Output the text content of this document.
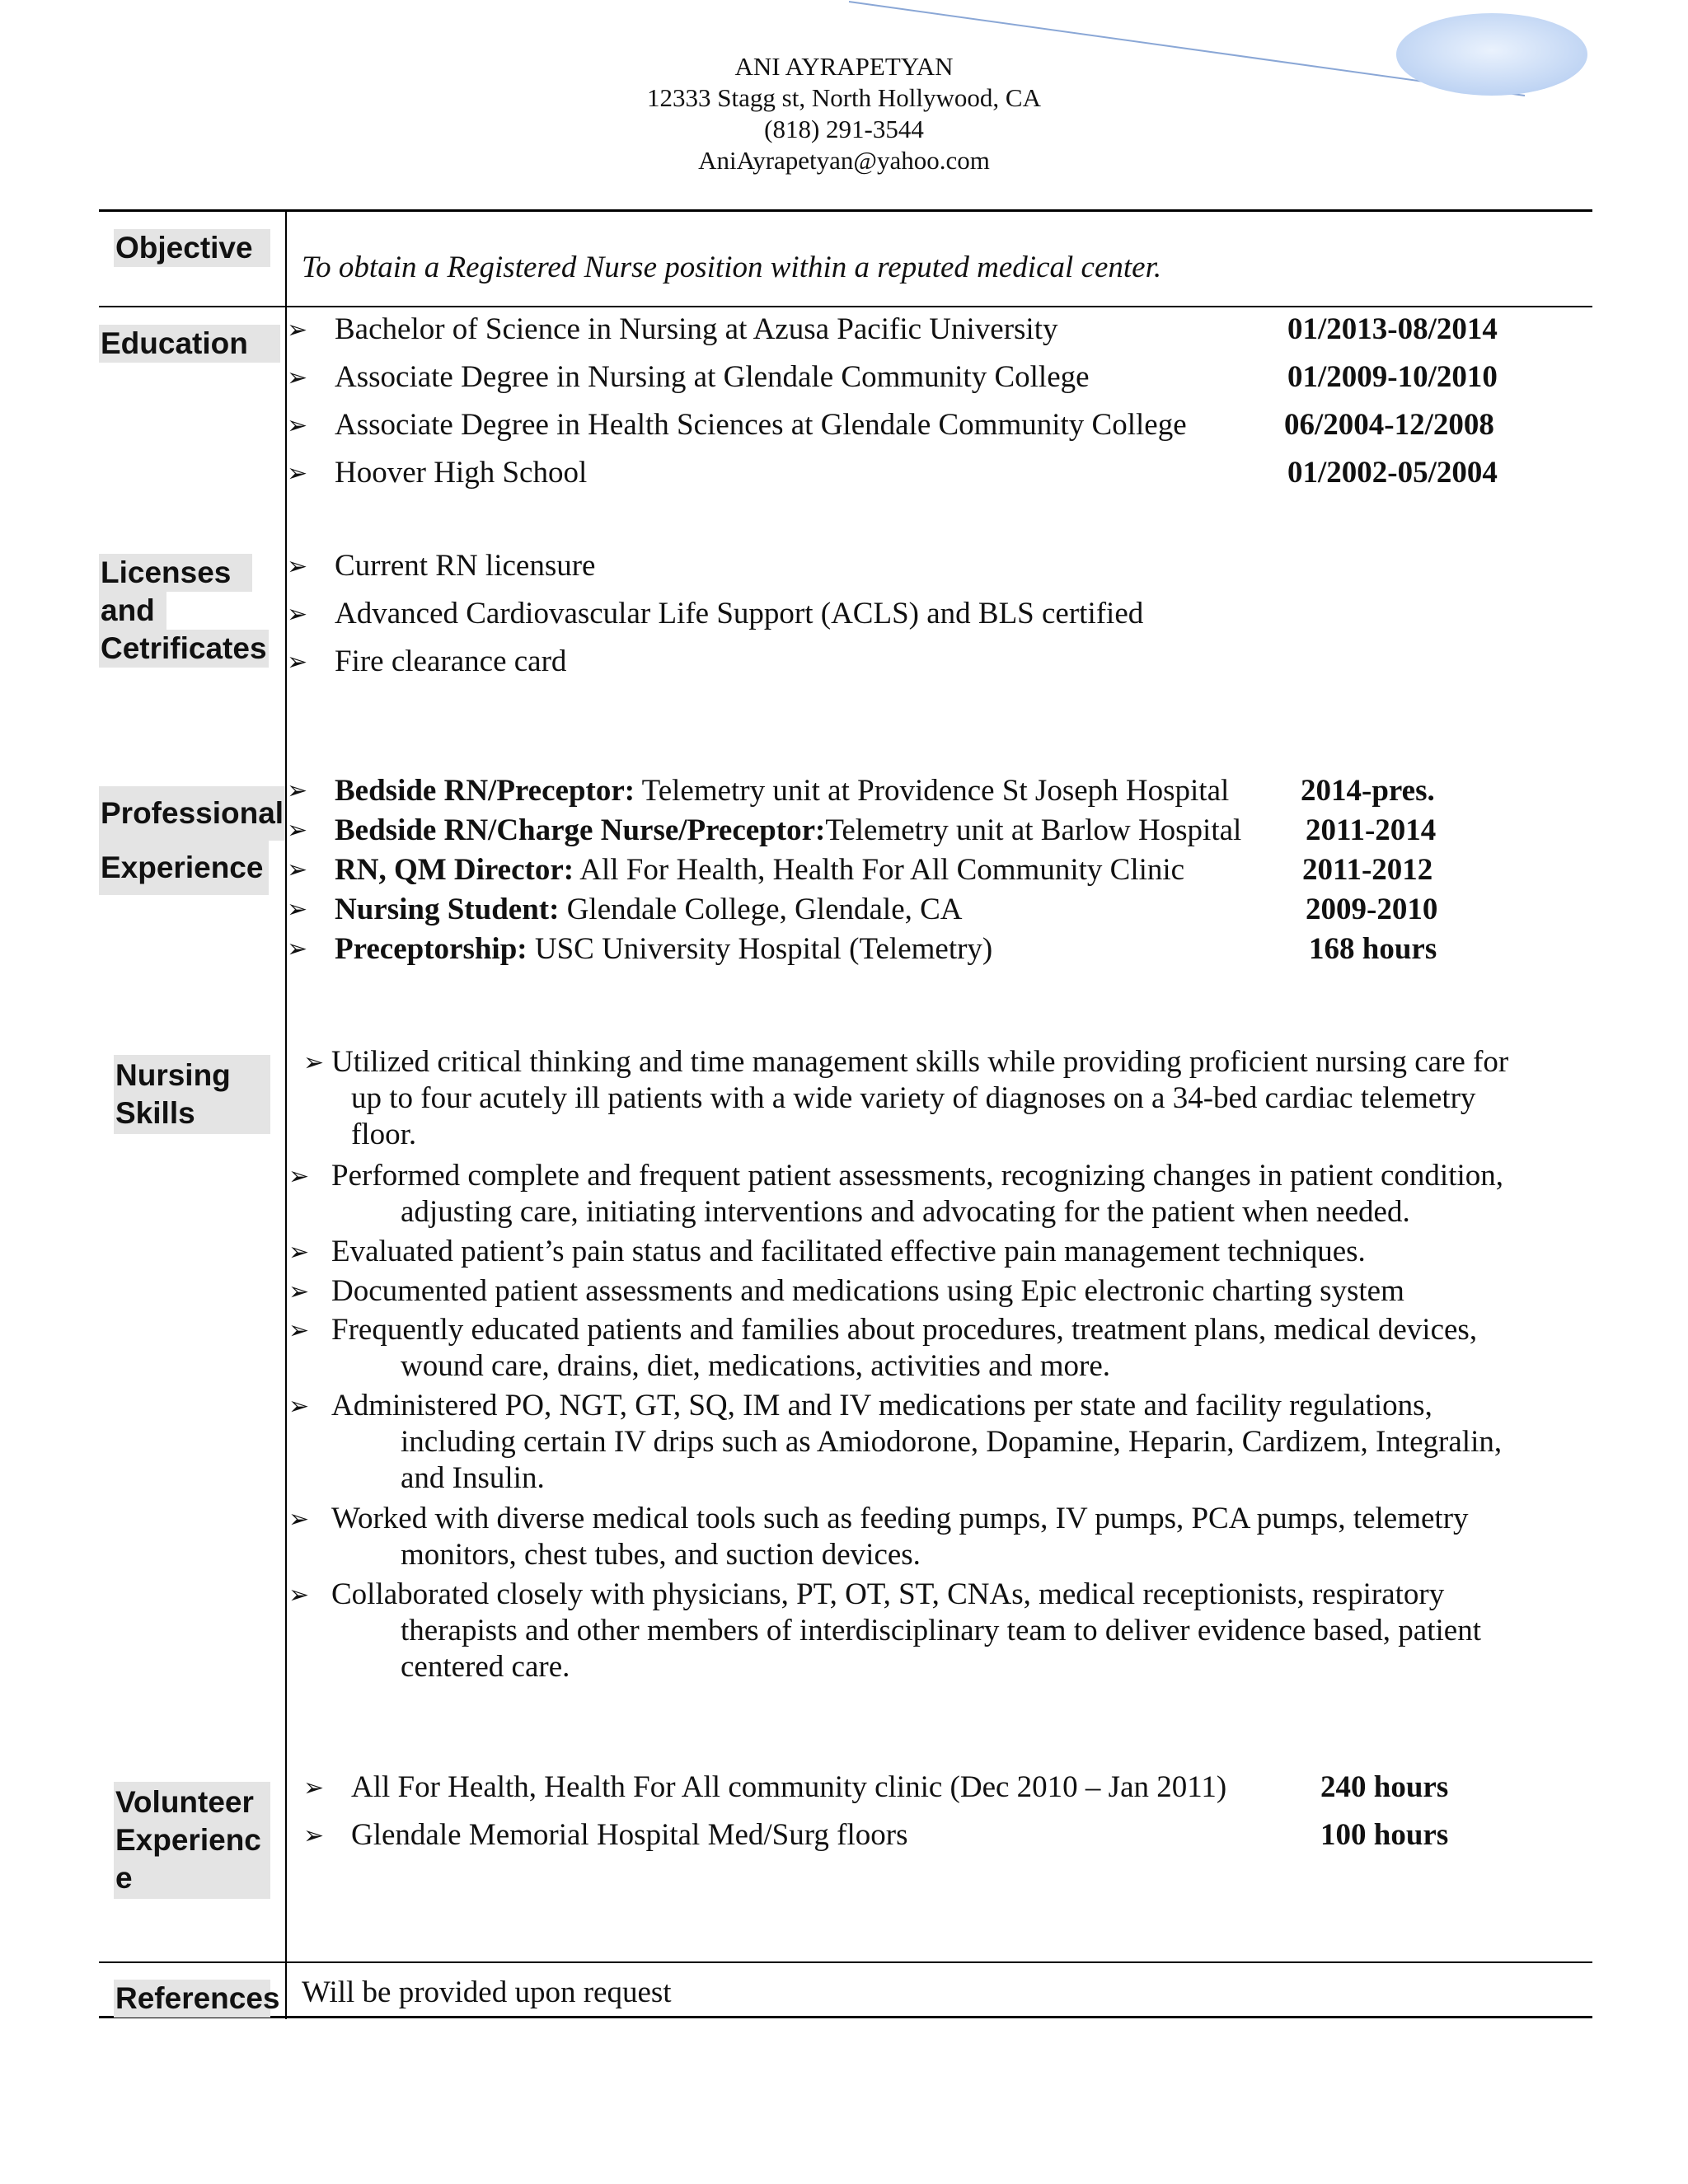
ANI AYRAPETYAN
12333 Stagg st, North Hollywood, CA
(818) 291-3544
AniAyrapetyan@yahoo.com
Objective
To obtain a Registered Nurse position within a reputed medical center.
Education	➢ Bachelor of Science in Nursing at Azusa Pacific University	01/2013-08/2014
➢ Associate Degree in Nursing at Glendale Community College	01/2009-10/2010
➢ Associate Degree in Health Sciences at Glendale Community College	06/2004-12/2008
➢ Hoover High School	01/2002-05/2004
Licenses
and
Cetrificates
➢ Current RN licensure
➢ Advanced Cardiovascular Life Support (ACLS) and BLS certified
➢ Fire clearance card
Professional
Experience
➢ Bedside RN/Preceptor: Telemetry unit at Providence St Joseph Hospital 2014-pres.
➢ Bedside RN/Charge Nurse/Preceptor:Telemetry unit at Barlow Hospital 2011-2014
➢ RN, QM Director: All For Health, Health For All Community Clinic	2011-2012
➢ Nursing Student: Glendale College, Glendale, CA	2009-2010
➢ Preceptorship: USC University Hospital (Telemetry)	168 hours
Nursing
Skills
➢ Utilized critical thinking and time management skills while providing proficient nursing care for
up to four acutely ill patients with a wide variety of diagnoses on a 34-bed cardiac telemetry
floor.
➢ Performed complete and frequent patient assessments, recognizing changes in patient condition,
adjusting care, initiating interventions and advocating for the patient when needed.
➢ Evaluated patient’s pain status and facilitated effective pain management techniques.
➢ Documented patient assessments and medications using Epic electronic charting system
➢ Frequently educated patients and families about procedures, treatment plans, medical devices,
wound care, drains, diet, medications, activities and more.
➢ Administered PO, NGT, GT, SQ, IM and IV medications per state and facility regulations,
including certain IV drips such as Amiodorone, Dopamine, Heparin, Cardizem, Integralin,
and Insulin.
➢ Worked with diverse medical tools such as feeding pumps, IV pumps, PCA pumps, telemetry
monitors, chest tubes, and suction devices.
➢ Collaborated closely with physicians, PT, OT, ST, CNAs, medical receptionists, respiratory
therapists and other members of interdisciplinary team to deliver evidence based, patient
centered care.
Volunteer
Experienc
e
➢ All For Health, Health For All community clinic (Dec 2010 – Jan 2011)	240 hours
➢ Glendale Memorial Hospital Med/Surg floors	100 hours
References Will be provided upon request
